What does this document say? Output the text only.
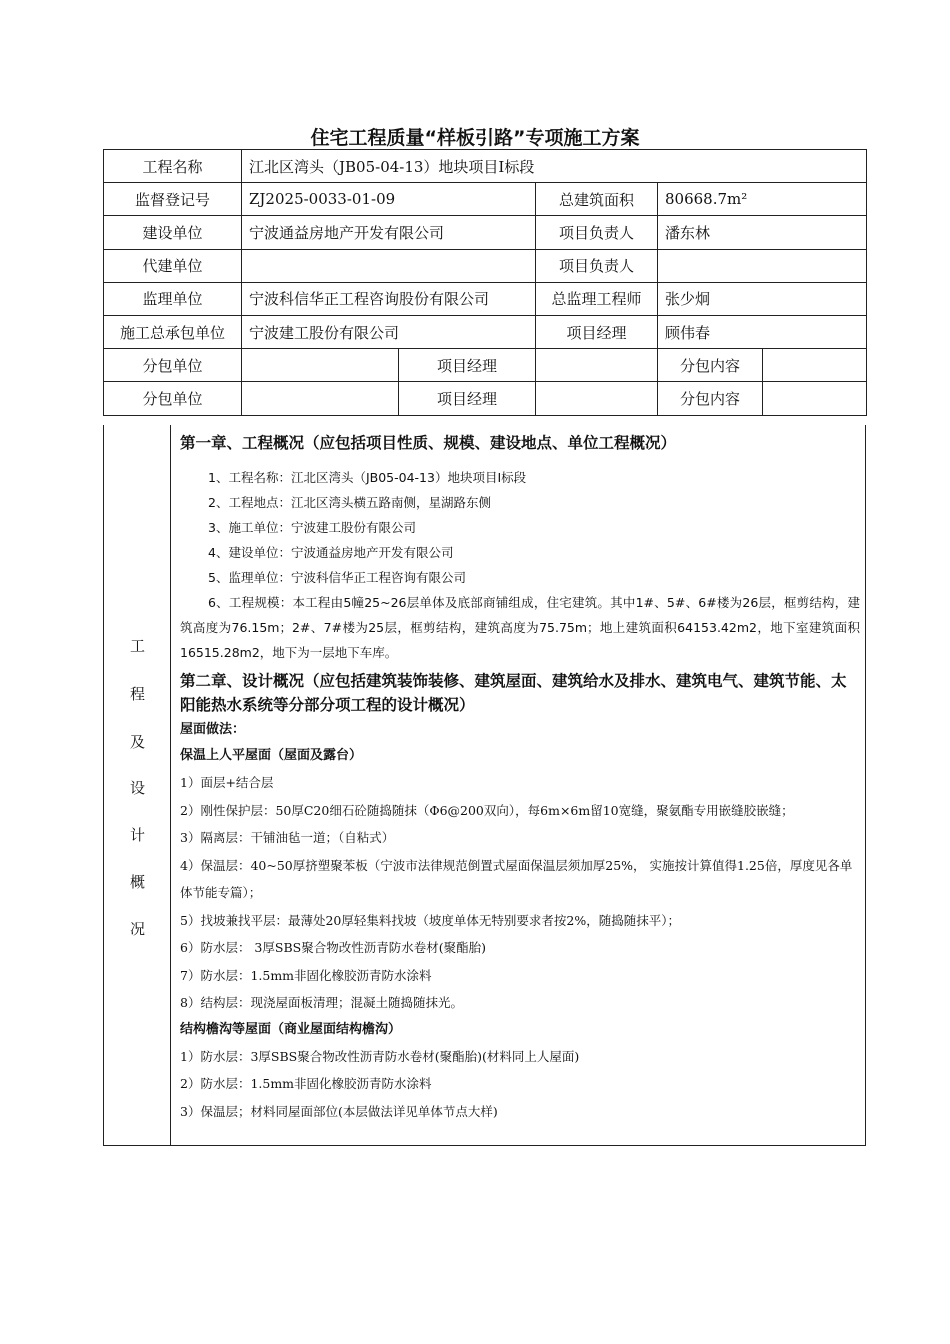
住宅工程质量“样板引路”专项施工方案
工程名称	江北区湾头（JB05-04-13）地块项目Ⅰ标段				
监督登记号	ZJ2025-0033-01-09		总建筑面积	80668.7m²	
建设单位	宁波通益房地产开发有限公司		项目负责人	潘东林	
代建单位			项目负责人		
监理单位	宁波科信华正工程咨询股份有限公司		总监理工程师	张少炯	
施工总承包单位	宁波建工股份有限公司		项目经理	顾伟春	
分包单位		项目经理		分包内容	
分包单位		项目经理		分包内容	
工
程
及
设
计
概
况
第一章、工程概况（应包括项目性质、规模、建设地点、单位工程概况）
1、工程名称：江北区湾头（JB05-04-13）地块项目Ⅰ标段
2、工程地点：江北区湾头横五路南侧，星湖路东侧
3、施工单位：宁波建工股份有限公司
4、建设单位：宁波通益房地产开发有限公司
5、监理单位：宁波科信华正工程咨询有限公司
6、工程规模：本工程由5幢25~26层单体及底部商铺组成，住宅建筑。其中1#、5#、6#楼为26层，框剪结构，建筑高度为76.15m；2#、7#楼为25层，框剪结构，建筑高度为75.75m；地上建筑面积64153.42m2，地下室建筑面积16515.28m2，地下为一层地下车库。
第二章、设计概况（应包括建筑装饰装修、建筑屋面、建筑给水及排水、建筑电气、建筑节能、太阳能热水系统等分部分项工程的设计概况）
屋面做法：
保温上人平屋面（屋面及露台）
1）面层+结合层
2）刚性保护层：50厚C20细石砼随捣随抹（Φ6@200双向），每6m×6m留10宽缝，聚氨酯专用嵌缝胶嵌缝；
3）隔离层：干铺油毡一道；（自粘式）
4）保温层：40~50厚挤塑聚苯板（宁波市法律规范倒置式屋面保温层须加厚25%， 实施按计算值得1.25倍，厚度见各单体节能专篇）；
5）找坡兼找平层：最薄处20厚轻集料找坡（坡度单体无特别要求者按2%，随捣随抹平）；
6）防水层： 3厚SBS聚合物改性沥青防水卷材(聚酯胎)
7）防水层：1.5mm非固化橡胶沥青防水涂料
8）结构层：现浇屋面板清理；混凝土随捣随抹光。
结构檐沟等屋面（商业屋面结构檐沟）
1）防水层：3厚SBS聚合物改性沥青防水卷材(聚酯胎)(材料同上人屋面)
2）防水层：1.5mm非固化橡胶沥青防水涂料
3）保温层；材料同屋面部位(本层做法详见单体节点大样)
